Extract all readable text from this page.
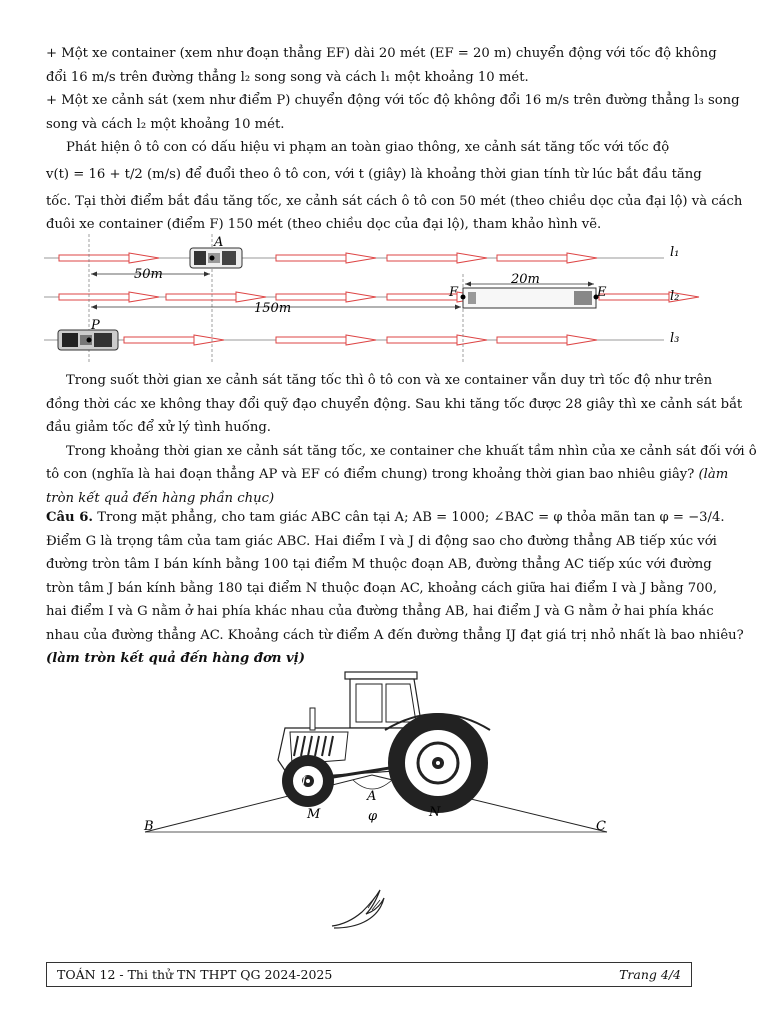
+ Một xe container (xem như đoạn thẳng EF) dài 20 mét (EF = 20 m) chuyển động với tốc độ không
đổi 16 m/s trên đường thẳng l₂ song song và cách l₁ một khoảng 10 mét.
+ Một xe cảnh sát (xem như điểm P) chuyển động với tốc độ không đổi 16 m/s trên đường thẳng l₃ song
song và cách l₂ một khoảng 10 mét.
Phát hiện ô tô con có dấu hiệu vi phạm an toàn giao thông, xe cảnh sát tăng tốc với tốc độ
v(t) = 16 + t/2 (m/s) để đuổi theo ô tô con, với t (giây) là khoảng thời gian tính từ lúc bắt đầu tăng
tốc. Tại thời điểm bắt đầu tăng tốc, xe cảnh sát cách ô tô con 50 mét (theo chiều dọc của đại lộ) và cách
đuôi xe container (điểm F) 150 mét (theo chiều dọc của đại lộ), tham khảo hình vẽ.

A
P
F	E
20m
50m
150m
l₁
l₂
l₃

Trong suốt thời gian xe cảnh sát tăng tốc thì ô tô con và xe container vẫn duy trì tốc độ như trên
đồng thời các xe không thay đổi quỹ đạo chuyển động. Sau khi tăng tốc được 28 giây thì xe cảnh sát bắt
đầu giảm tốc để xử lý tình huống.
Trong khoảng thời gian xe cảnh sát tăng tốc, xe container che khuất tầm nhìn của xe cảnh sát đối với ô
tô con (nghĩa là hai đoạn thẳng AP và EF có điểm chung) trong khoảng thời gian bao nhiêu giây? (làm
tròn kết quả đến hàng phần chục)

Câu 6. Trong mặt phẳng, cho tam giác ABC cân tại A; AB = 1000; ∠BAC = φ thỏa mãn tan φ = −3/4.
Điểm G là trọng tâm của tam giác ABC. Hai điểm I và J di động sao cho đường thẳng AB tiếp xúc với
đường tròn tâm I bán kính bằng 100 tại điểm M thuộc đoạn AB, đường thẳng AC tiếp xúc với đường
tròn tâm J bán kính bằng 180 tại điểm N thuộc đoạn AC, khoảng cách giữa hai điểm I và J bằng 700,
hai điểm I và G nằm ở hai phía khác nhau của đường thẳng AB, hai điểm J và G nằm ở hai phía khác
nhau của đường thẳng AC. Khoảng cách từ điểm A đến đường thẳng IJ đạt giá trị nhỏ nhất là bao nhiêu?
(làm tròn kết quả đến hàng đơn vị)

I
J
A
φ
M	N
B	C
TOÁN 12 - Thi thử TN THPT QG 2024-2025	Trang 4/4
